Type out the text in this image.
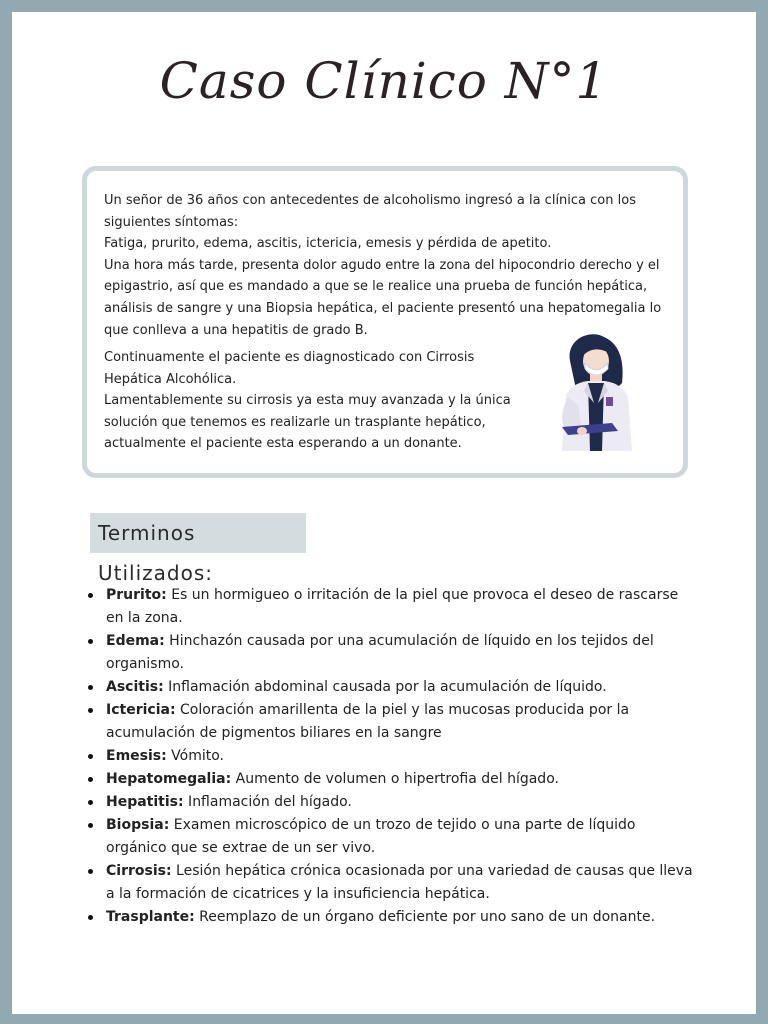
Caso Clínico N°1

Un señor de 36 años con antecedentes de alcoholismo ingresó a la clínica con los siguientes síntomas:

Fatiga, prurito, edema, ascitis, ictericia, emesis y pérdida de apetito.

Una hora más tarde, presenta dolor agudo entre la zona del hipocondrio derecho y el epigastrio, así que es mandado a que se le realice una prueba de función hepática, análisis de sangre y una Biopsia hepática, el paciente presentó una hepatomegalia lo que conlleva a una hepatitis de grado B.

Continuamente el paciente es diagnosticado con Cirrosis Hepática Alcohólica.

Lamentablemente su cirrosis ya esta muy avanzada y la única solución que tenemos es realizarle un trasplante hepático, actualmente el paciente esta esperando a un donante.

Terminos Utilizados:
Prurito: Es un hormigueo o irritación de la piel que provoca el deseo de rascarse en la zona.
Edema: Hinchazón causada por una acumulación de líquido en los tejidos del organismo.
Ascitis: Inflamación abdominal causada por la acumulación de líquido.
Ictericia: Coloración amarillenta de la piel y las mucosas producida por la acumulación de pigmentos biliares en la sangre
Emesis: Vómito.
Hepatomegalia: Aumento de volumen o hipertrofia del hígado.
Hepatitis: Inflamación del hígado.
Biopsia: Examen microscópico de un trozo de tejido o una parte de líquido orgánico que se extrae de un ser vivo.
Cirrosis: Lesión hepática crónica ocasionada por una variedad de causas que lleva a la formación de cicatrices y la insuficiencia hepática.
Trasplante: Reemplazo de un órgano deficiente por uno sano de un donante.
